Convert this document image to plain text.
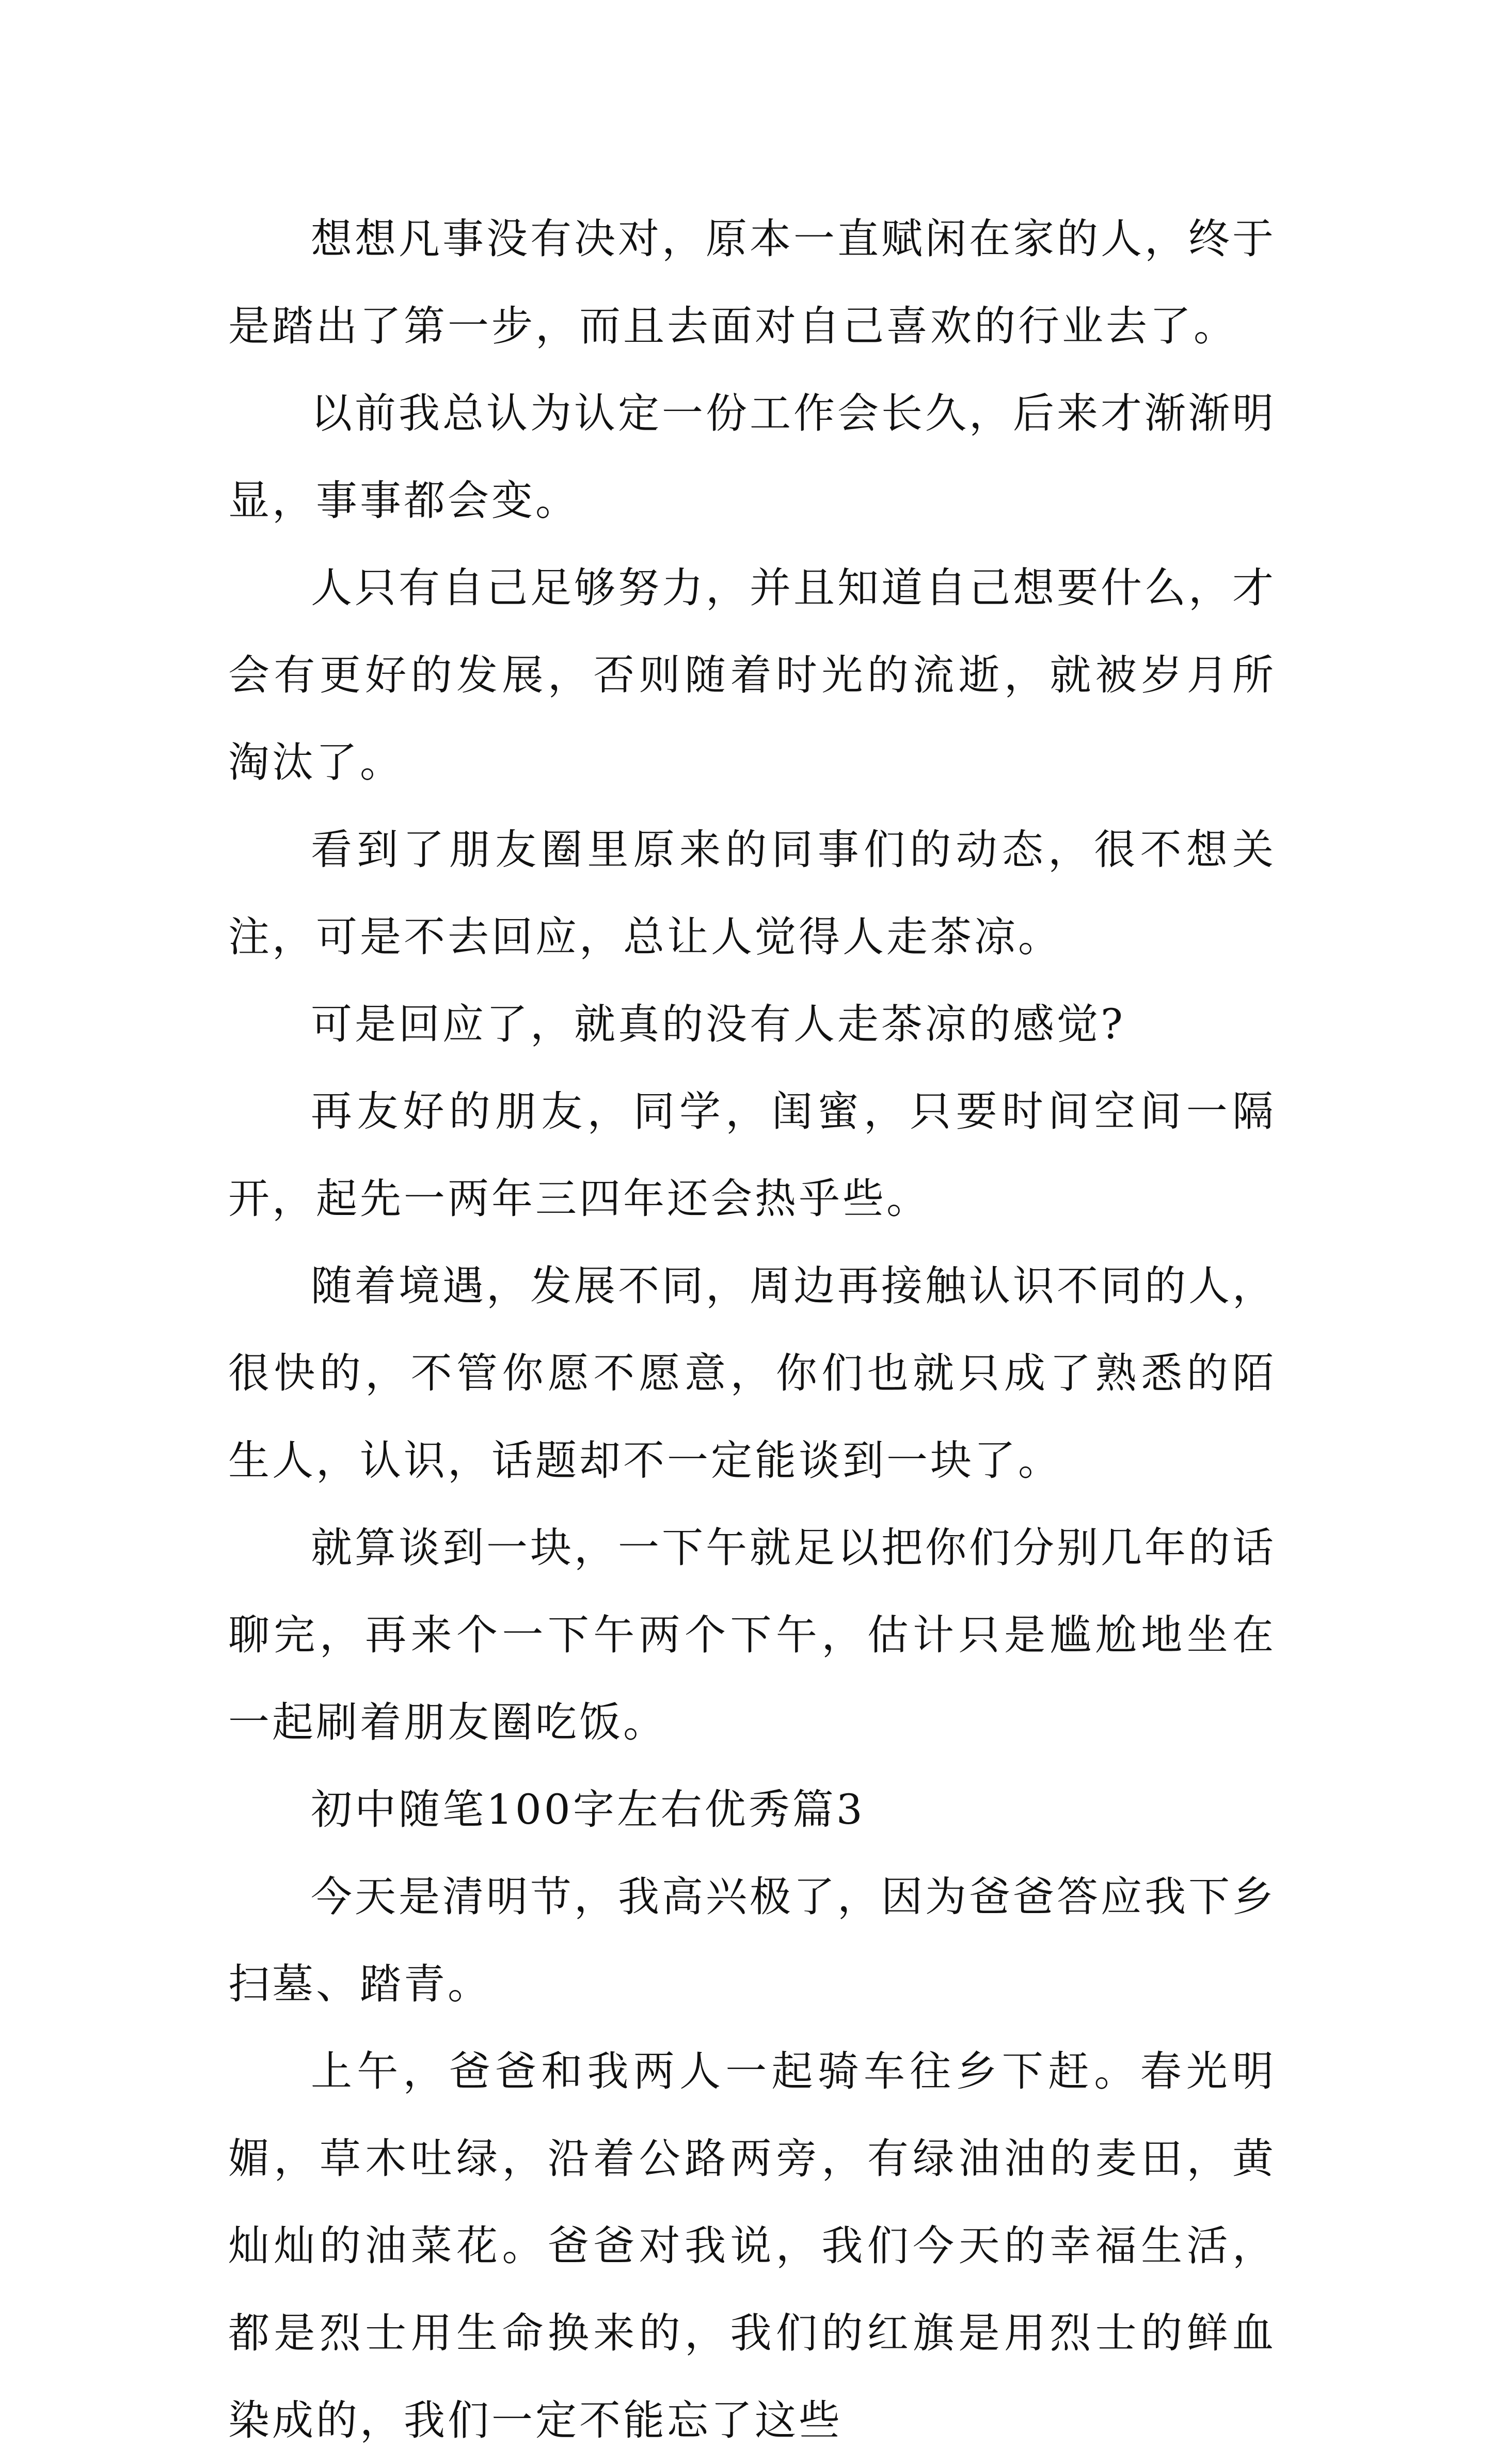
想想凡事没有决对，原本一直赋闲在家的人，终于是踏出了第一步，而且去面对自己喜欢的行业去了。

以前我总认为认定一份工作会长久，后来才渐渐明显，事事都会变。

人只有自己足够努力，并且知道自己想要什么，才会有更好的发展，否则随着时光的流逝，就被岁月所淘汰了。

看到了朋友圈里原来的同事们的动态，很不想关注，可是不去回应，总让人觉得人走茶凉。

可是回应了，就真的没有人走茶凉的感觉?

再友好的朋友，同学，闺蜜，只要时间空间一隔开，起先一两年三四年还会热乎些。

随着境遇，发展不同，周边再接触认识不同的人，很快的，不管你愿不愿意，你们也就只成了熟悉的陌生人，认识，话题却不一定能谈到一块了。

就算谈到一块，一下午就足以把你们分别几年的话聊完，再来个一下午两个下午，估计只是尴尬地坐在一起刷着朋友圈吃饭。

初中随笔100字左右优秀篇3

今天是清明节，我高兴极了，因为爸爸答应我下乡扫墓、踏青。

上午，爸爸和我两人一起骑车往乡下赶。春光明媚，草木吐绿，沿着公路两旁，有绿油油的麦田，黄灿灿的油菜花。爸爸对我说，我们今天的幸福生活，都是烈士用生命换来的，我们的红旗是用烈士的鲜血染成的，我们一定不能忘了这些
